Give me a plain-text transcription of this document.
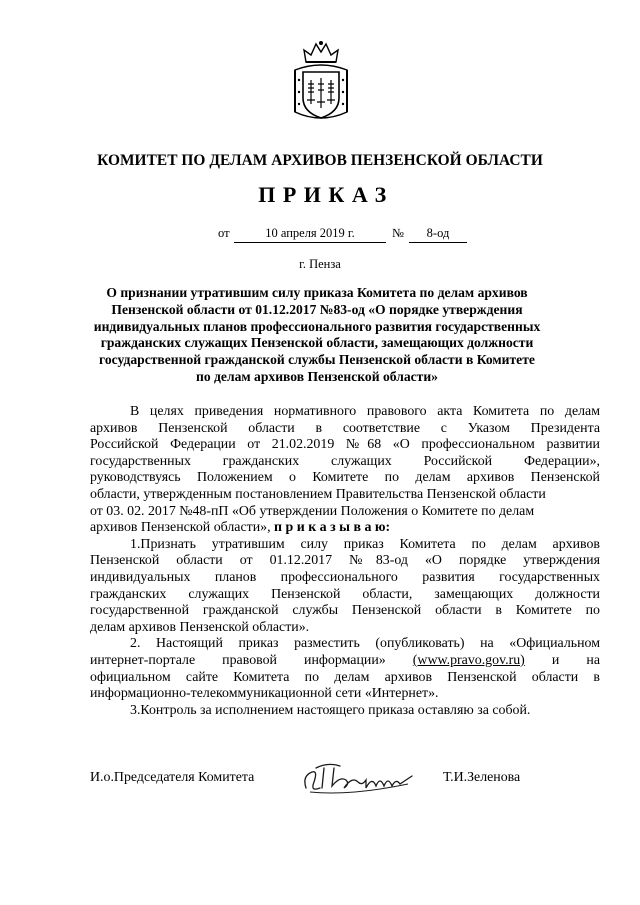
КОМИТЕТ ПО ДЕЛАМ АРХИВОВ ПЕНЗЕНСКОЙ ОБЛАСТИ
ПРИКАЗ
от	10 апреля 2019 г.	№	8-од
г. Пенза
О признании утратившим силу приказа Комитета по делам архивов
Пензенской области от 01.12.2017 №83-од «О порядке утверждения
индивидуальных планов профессионального развития государственных
гражданских служащих Пензенской области, замещающих должности
государственной гражданской службы Пензенской области в Комитете
по делам архивов Пензенской области»
В целях приведения нормативного правового акта Комитета по делам
архивов Пензенской области в соответствие с Указом Президента
Российской Федерации от 21.02.2019 №68 «О профессиональном развитии
государственных гражданских служащих Российской Федерации»,
руководствуясь Положением о Комитете по делам архивов Пензенской
области, утвержденным постановлением Правительства Пензенской области
от 03. 02. 2017 №48-пП «Об утверждении Положения о Комитете по делам
архивов Пензенской области», п р и к а з ы в а ю:
1.Признать утратившим силу приказ Комитета по делам архивов
Пензенской области от 01.12.2017 №83-од «О порядке утверждения
индивидуальных планов профессионального развития государственных
гражданских служащих Пензенской области, замещающих должности
государственной гражданской службы Пензенской области в Комитете по
делам архивов Пензенской области».
2. Настоящий приказ разместить (опубликовать) на «Официальном
интернет-портале правовой информации» (www.pravo.gov.ru) и на
официальном сайте Комитета по делам архивов Пензенской области в
информационно-телекоммуникационной сети «Интернет».
3.Контроль за исполнением настоящего приказа оставляю за собой.
И.о.Председателя Комитета	Т.И.Зеленова
